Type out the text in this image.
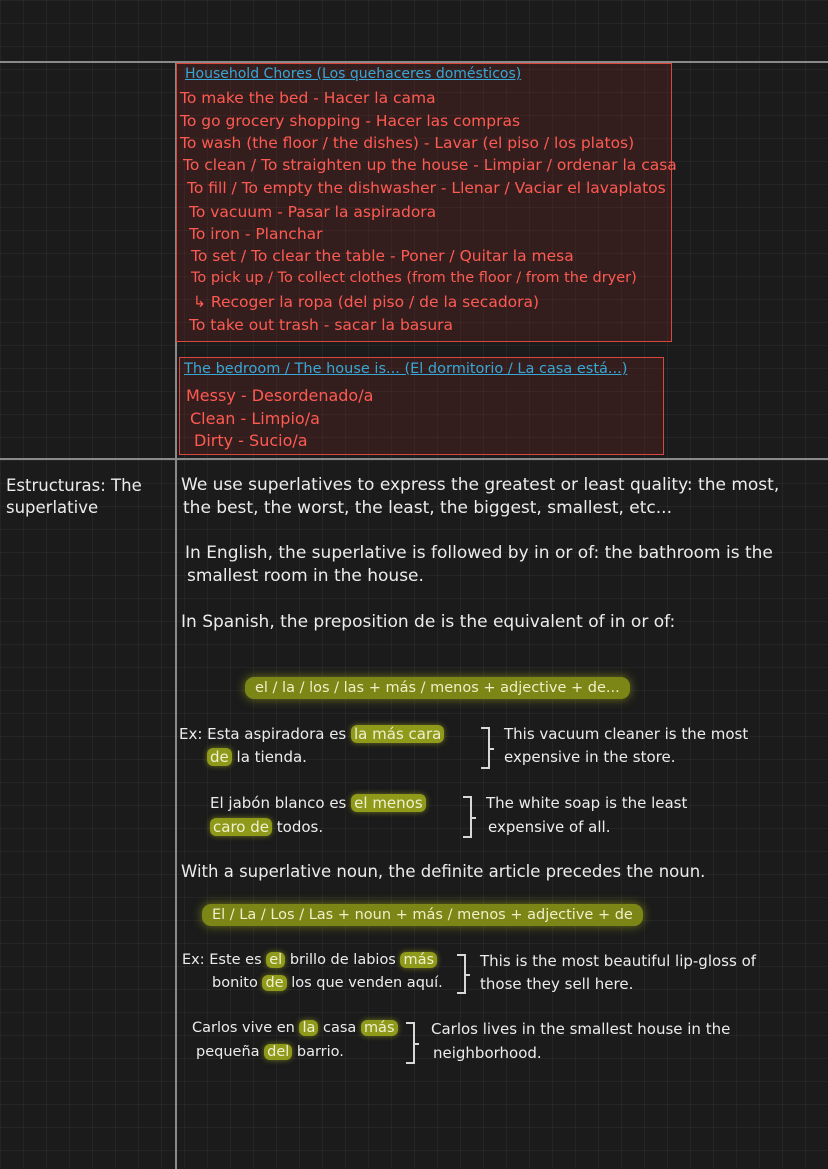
Household Chores (Los quehaceres domésticos)
To make the bed - Hacer la cama
To go grocery shopping - Hacer las compras
To wash (the floor / the dishes) - Lavar (el piso / los platos)
To clean / To straighten up the house - Limpiar / ordenar la casa
To fill / To empty the dishwasher - Llenar / Vaciar el lavaplatos
To vacuum - Pasar la aspiradora
To iron - Planchar
To set / To clear the table - Poner / Quitar la mesa
To pick up / To collect clothes (from the floor / from the dryer)
↳ Recoger la ropa (del piso / de la secadora)
To take out trash - sacar la basura
The bedroom / The house is... (El dormitorio / La casa está...)
Messy - Desordenado/a
Clean - Limpio/a
Dirty - Sucio/a
Estructuras: The
superlative
We use superlatives to express the greatest or least quality: the most,
the best, the worst, the least, the biggest, smallest, etc...
In English, the superlative is followed by in or of: the bathroom is the
smallest room in the house.
In Spanish, the preposition de is the equivalent of in or of:
el / la / los / las + más / menos + adjective + de...
Ex: Esta aspiradora es la más cara
de la tienda.
This vacuum cleaner is the most
expensive in the store.
El jabón blanco es el menos
caro de todos.
The white soap is the least
expensive of all.
With a superlative noun, the definite article precedes the noun.
El / La / Los / Las + noun + más / menos + adjective + de
Ex: Este es el brillo de labios más
bonito de los que venden aquí.
This is the most beautiful lip-gloss of
those they sell here.
Carlos vive en la casa más
pequeña del barrio.
Carlos lives in the smallest house in the
neighborhood.
